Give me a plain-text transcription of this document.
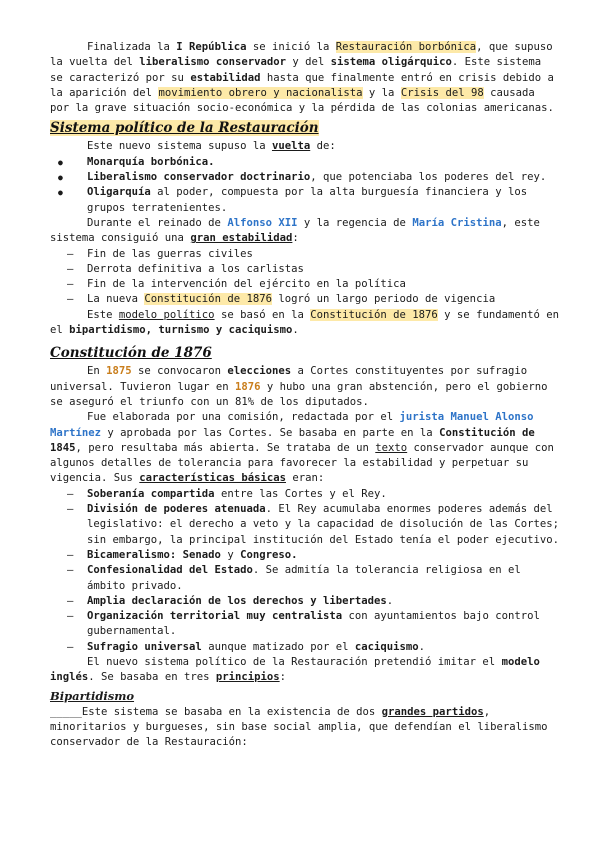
Finalizada la I República se inició la Restauración borbónica, que supuso la vuelta del liberalismo conservador y del sistema oligárquico. Este sistema se caracterizó por su estabilidad hasta que finalmente entró en crisis debido a la aparición del movimiento obrero y nacionalista y la Crisis del 98 causada por la grave situación socio-económica y la pérdida de las colonias americanas.

Sistema político de la Restauración

Este nuevo sistema supuso la vuelta de:

● Monarquía borbónica.
● Liberalismo conservador doctrinario, que potenciaba los poderes del rey.
● Oligarquía al poder, compuesta por la alta burguesía financiera y los grupos terratenientes.

Durante el reinado de Alfonso XII y la regencia de María Cristina, este sistema consiguió una gran estabilidad:

– Fin de las guerras civiles
– Derrota definitiva a los carlistas
– Fin de la intervención del ejército en la política
– La nueva Constitución de 1876 logró un largo periodo de vigencia

Este modelo político se basó en la Constitución de 1876 y se fundamentó en el bipartidismo, turnismo y caciquismo.

Constitución de 1876

En 1875 se convocaron elecciones a Cortes constituyentes por sufragio universal. Tuvieron lugar en 1876 y hubo una gran abstención, pero el gobierno se aseguró el triunfo con un 81% de los diputados.

Fue elaborada por una comisión, redactada por el jurista Manuel Alonso Martínez y aprobada por las Cortes. Se basaba en parte en la Constitución de 1845, pero resultaba más abierta. Se trataba de un texto conservador aunque con algunos detalles de tolerancia para favorecer la estabilidad y perpetuar su vigencia. Sus características básicas eran:

– Soberanía compartida entre las Cortes y el Rey.
– División de poderes atenuada. El Rey acumulaba enormes poderes además del legislativo: el derecho a veto y la capacidad de disolución de las Cortes; sin embargo, la principal institución del Estado tenía el poder ejecutivo.
– Bicameralismo: Senado y Congreso.
– Confesionalidad del Estado. Se admitía la tolerancia religiosa en el ámbito privado.
– Amplia declaración de los derechos y libertades.
– Organización territorial muy centralista con ayuntamientos bajo control gubernamental.
– Sufragio universal aunque matizado por el caciquismo.

El nuevo sistema político de la Restauración pretendió imitar el modelo inglés. Se basaba en tres principios:

Bipartidismo

_____Este sistema se basaba en la existencia de dos grandes partidos, minoritarios y burgueses, sin base social amplia, que defendían el liberalismo conservador de la Restauración:
